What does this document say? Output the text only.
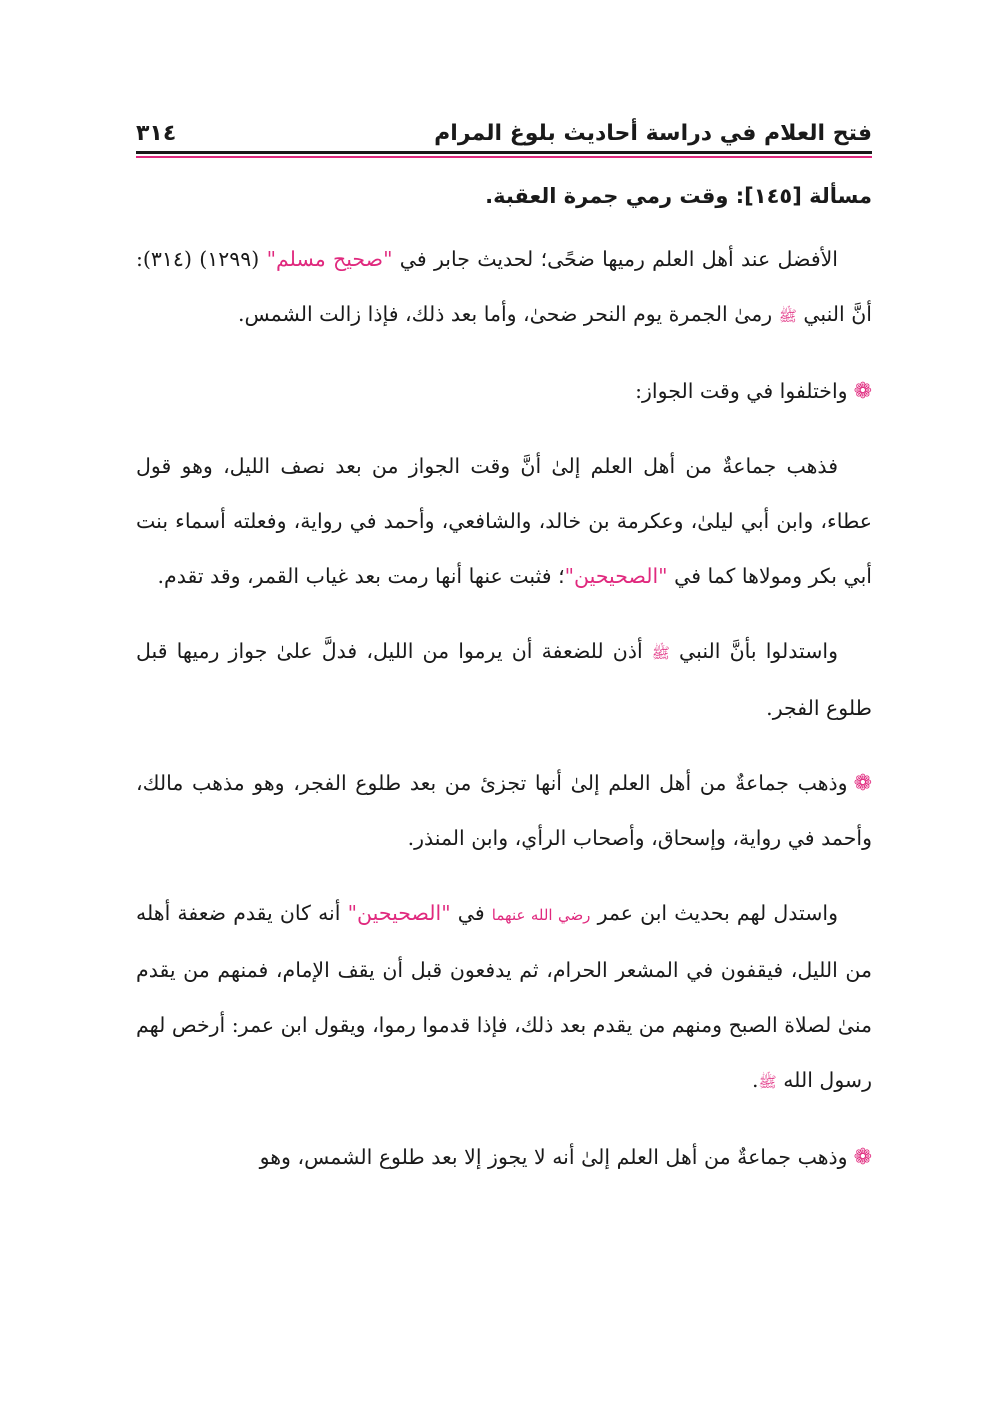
فتح العلام في دراسة أحاديث بلوغ المرام
٣١٤
مسألة [١٤٥]: وقت رمي جمرة العقبة.

الأفضل عند أهل العلم رميها ضحًى؛ لحديث جابر في "صحيح مسلم" (١٢٩٩) (٣١٤): أنَّ النبي ﷺ رمىٰ الجمرة يوم النحر ضحىٰ، وأما بعد ذلك، فإذا زالت الشمس.

❁واختلفوا في وقت الجواز:

فذهب جماعةٌ من أهل العلم إلىٰ أنَّ وقت الجواز من بعد نصف الليل، وهو قول عطاء، وابن أبي ليلىٰ، وعكرمة بن خالد، والشافعي، وأحمد في رواية، وفعلته أسماء بنت أبي بكر ومولاها كما في "الصحيحين"؛ فثبت عنها أنها رمت بعد غياب القمر، وقد تقدم.

واستدلوا بأنَّ النبي ﷺ أذن للضعفة أن يرموا من الليل، فدلَّ علىٰ جواز رميها قبل طلوع الفجر.

❁وذهب جماعةٌ من أهل العلم إلىٰ أنها تجزئ من بعد طلوع الفجر، وهو مذهب مالك، وأحمد في رواية، وإسحاق، وأصحاب الرأي، وابن المنذر.

واستدل لهم بحديث ابن عمر رضي الله عنهما في "الصحيحين" أنه كان يقدم ضعفة أهله من الليل، فيقفون في المشعر الحرام، ثم يدفعون قبل أن يقف الإمام، فمنهم من يقدم منىٰ لصلاة الصبح ومنهم من يقدم بعد ذلك، فإذا قدموا رموا، ويقول ابن عمر: أرخص لهم رسول الله ﷺ.

❁وذهب جماعةٌ من أهل العلم إلىٰ أنه لا يجوز إلا بعد طلوع الشمس، وهو
